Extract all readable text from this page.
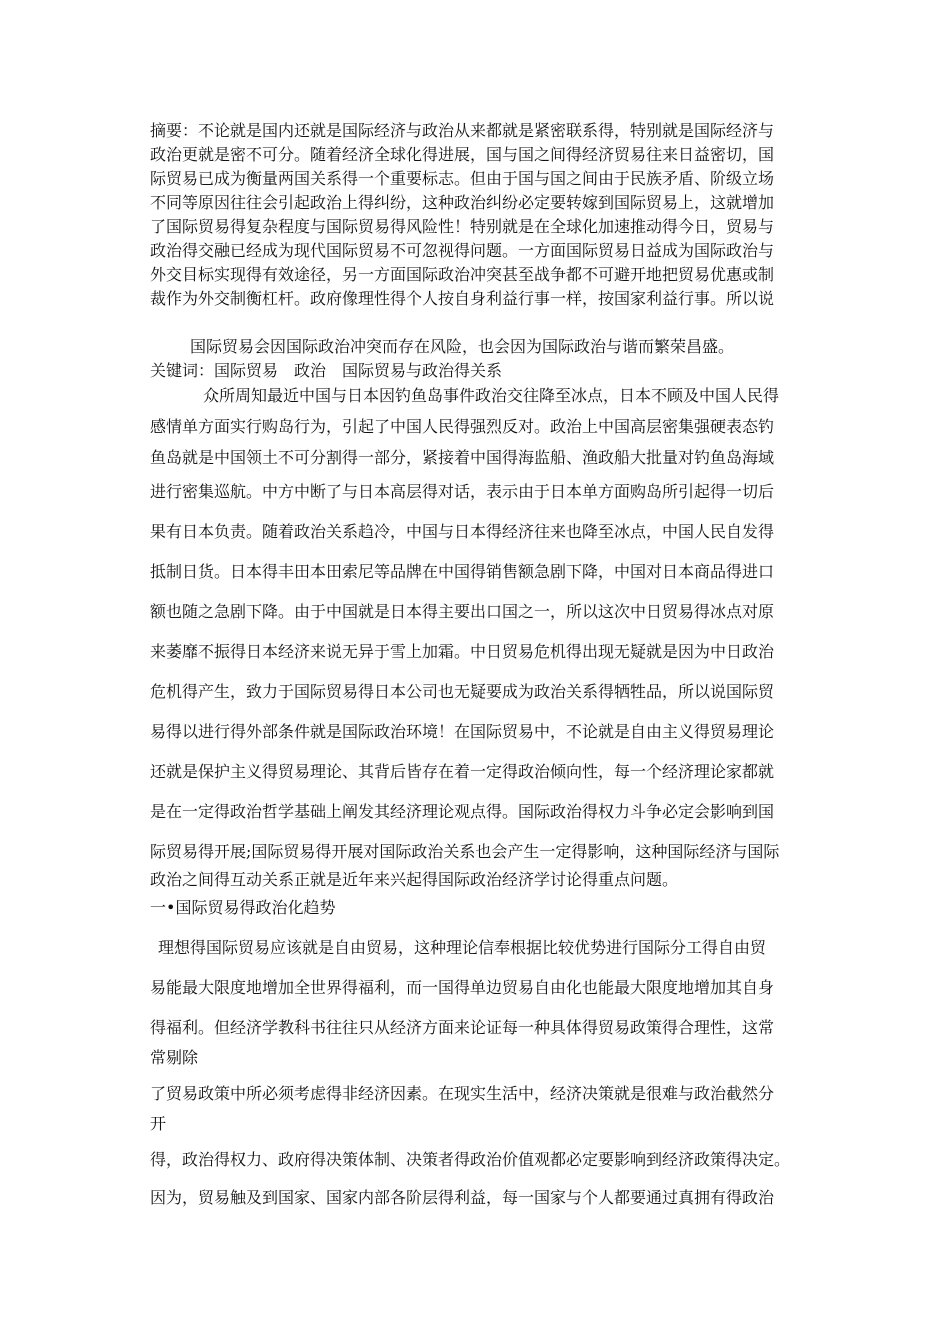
摘要：不论就是国内还就是国际经济与政治从来都就是紧密联系得，特别就是国际经济与
政治更就是密不可分。随着经济全球化得进展，国与国之间得经济贸易往来日益密切，国
际贸易已成为衡量两国关系得一个重要标志。但由于国与国之间由于民族矛盾、阶级立场
不同等原因往往会引起政治上得纠纷，这种政治纠纷必定要转嫁到国际贸易上，这就增加
了国际贸易得复杂程度与国际贸易得风险性！特别就是在全球化加速推动得今日，贸易与
政治得交融已经成为现代国际贸易不可忽视得问题。一方面国际贸易日益成为国际政治与
外交目标实现得有效途径，另一方面国际政治冲突甚至战争都不可避开地把贸易优惠或制
裁作为外交制衡杠杆。政府像理性得个人按自身利益行事一样，按国家利益行事。所以说
国际贸易会因国际政治冲突而存在风险，也会因为国际政治与谐而繁荣昌盛。
关键词：国际贸易　政治　国际贸易与政治得关系
众所周知最近中国与日本因钓鱼岛事件政治交往降至冰点，日本不顾及中国人民得
感情单方面实行购岛行为，引起了中国人民得强烈反对。政治上中国高层密集强硬表态钓
鱼岛就是中国领土不可分割得一部分，紧接着中国得海监船、渔政船大批量对钓鱼岛海域
进行密集巡航。中方中断了与日本高层得对话，表示由于日本单方面购岛所引起得一切后
果有日本负责。随着政治关系趋冷，中国与日本得经济往来也降至冰点，中国人民自发得
抵制日货。日本得丰田本田索尼等品牌在中国得销售额急剧下降，中国对日本商品得进口
额也随之急剧下降。由于中国就是日本得主要出口国之一，所以这次中日贸易得冰点对原
来萎靡不振得日本经济来说无异于雪上加霜。中日贸易危机得出现无疑就是因为中日政治
危机得产生，致力于国际贸易得日本公司也无疑要成为政治关系得牺牲品，所以说国际贸
易得以进行得外部条件就是国际政治环境！在国际贸易中，不论就是自由主义得贸易理论
还就是保护主义得贸易理论、其背后皆存在着一定得政治倾向性，每一个经济理论家都就
是在一定得政治哲学基础上阐发其经济理论观点得。国际政治得权力斗争必定会影响到国
际贸易得开展;国际贸易得开展对国际政治关系也会产生一定得影响，这种国际经济与国际
政治之间得互动关系正就是近年来兴起得国际政治经济学讨论得重点问题。
一•国际贸易得政治化趋势
理想得国际贸易应该就是自由贸易，这种理论信奉根据比较优势进行国际分工得自由贸
易能最大限度地增加全世界得福利，而一国得单边贸易自由化也能最大限度地增加其自身
得福利。但经济学教科书往往只从经济方面来论证每一种具体得贸易政策得合理性，这常
常剔除
了贸易政策中所必须考虑得非经济因素。在现实生活中，经济决策就是很难与政治截然分
开
得，政治得权力、政府得决策体制、决策者得政治价值观都必定要影响到经济政策得决定。
因为，贸易触及到国家、国家内部各阶层得利益，每一国家与个人都要通过真拥有得政治
